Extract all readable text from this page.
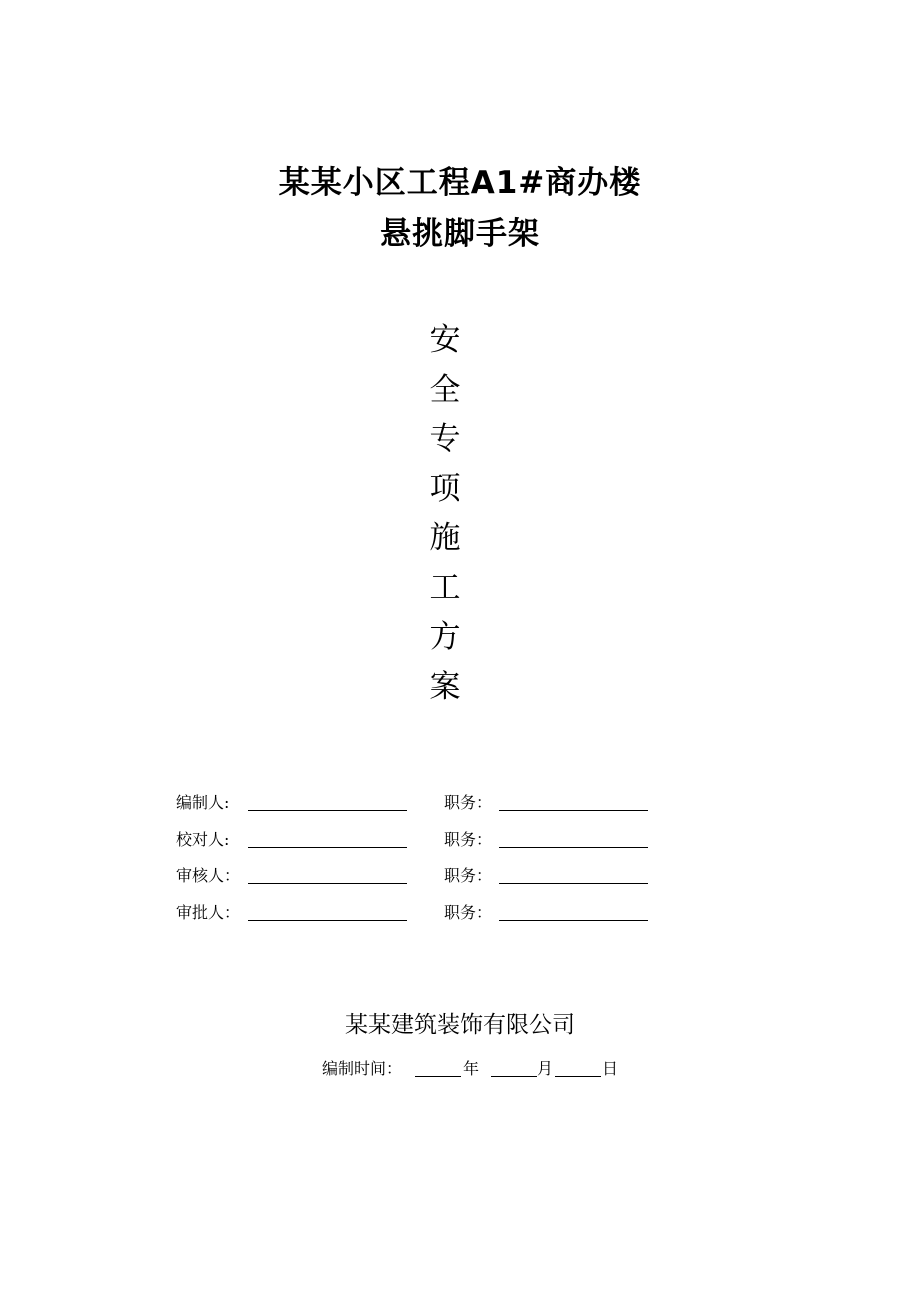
某某小区工程A1#商办楼
悬挑脚手架
安
全
专
项
施
工
方
案
编制人:	职务：
校对人:	职务：
审核人：	职务：
审批人：	职务：
某某建筑装饰有限公司
编制时间：	年	月	日
